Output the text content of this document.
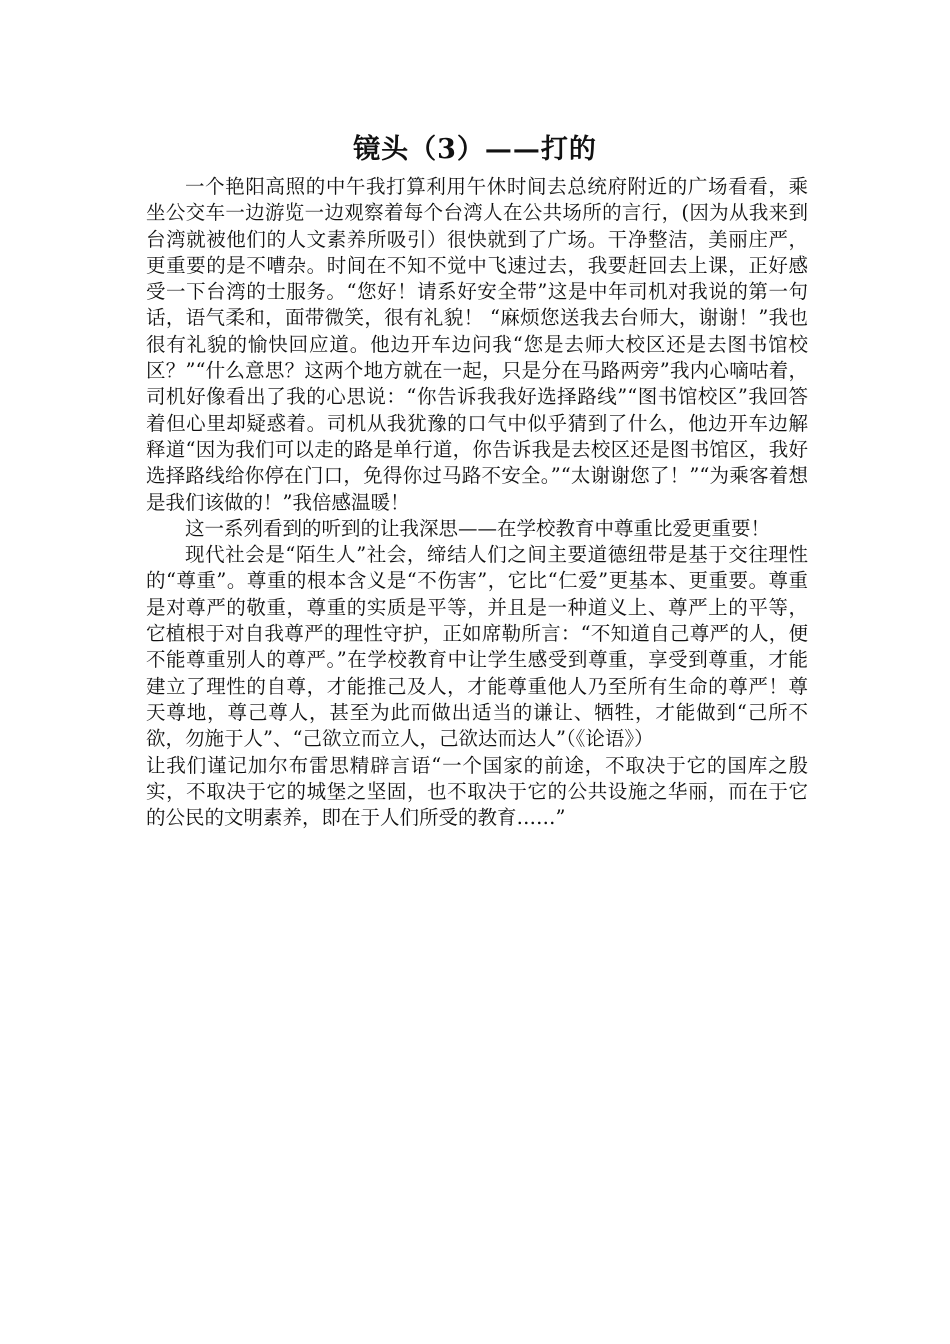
镜头（3）——打的

一个艳阳高照的中午我打算利用午休时间去总统府附近的广场看看，乘坐公交车一边游览一边观察着每个台湾人在公共场所的言行，(因为从我来到台湾就被他们的人文素养所吸引）很快就到了广场。干净整洁，美丽庄严，更重要的是不嘈杂。时间在不知不觉中飞速过去，我要赶回去上课，正好感受一下台湾的士服务。“您好！请系好安全带”这是中年司机对我说的第一句话，语气柔和，面带微笑，很有礼貌！ “麻烦您送我去台师大，谢谢！”我也很有礼貌的愉快回应道。他边开车边问我“您是去师大校区还是去图书馆校区？”“什么意思？这两个地方就在一起，只是分在马路两旁”我内心嘀咕着，司机好像看出了我的心思说：“你告诉我我好选择路线”“图书馆校区”我回答着但心里却疑惑着。司机从我犹豫的口气中似乎猜到了什么，他边开车边解释道“因为我们可以走的路是单行道，你告诉我是去校区还是图书馆区，我好选择路线给你停在门口，免得你过马路不安全。”“太谢谢您了！”“为乘客着想是我们该做的！”我倍感温暖！

这一系列看到的听到的让我深思——在学校教育中尊重比爱更重要！

现代社会是“陌生人”社会，缔结人们之间主要道德纽带是基于交往理性的“尊重”。尊重的根本含义是“不伤害”，它比“仁爱”更基本、更重要。尊重是对尊严的敬重，尊重的实质是平等，并且是一种道义上、尊严上的平等，它植根于对自我尊严的理性守护，正如席勒所言：“不知道自己尊严的人，便不能尊重别人的尊严。”在学校教育中让学生感受到尊重，享受到尊重，才能建立了理性的自尊，才能推己及人，才能尊重他人乃至所有生命的尊严！尊天尊地，尊己尊人，甚至为此而做出适当的谦让、牺牲，才能做到“己所不欲，勿施于人”、“己欲立而立人，己欲达而达人”（《论语》）

让我们谨记加尔布雷思精辟言语“一个国家的前途，不取决于它的国库之殷实，不取决于它的城堡之坚固，也不取决于它的公共设施之华丽，而在于它的公民的文明素养，即在于人们所受的教育……”
